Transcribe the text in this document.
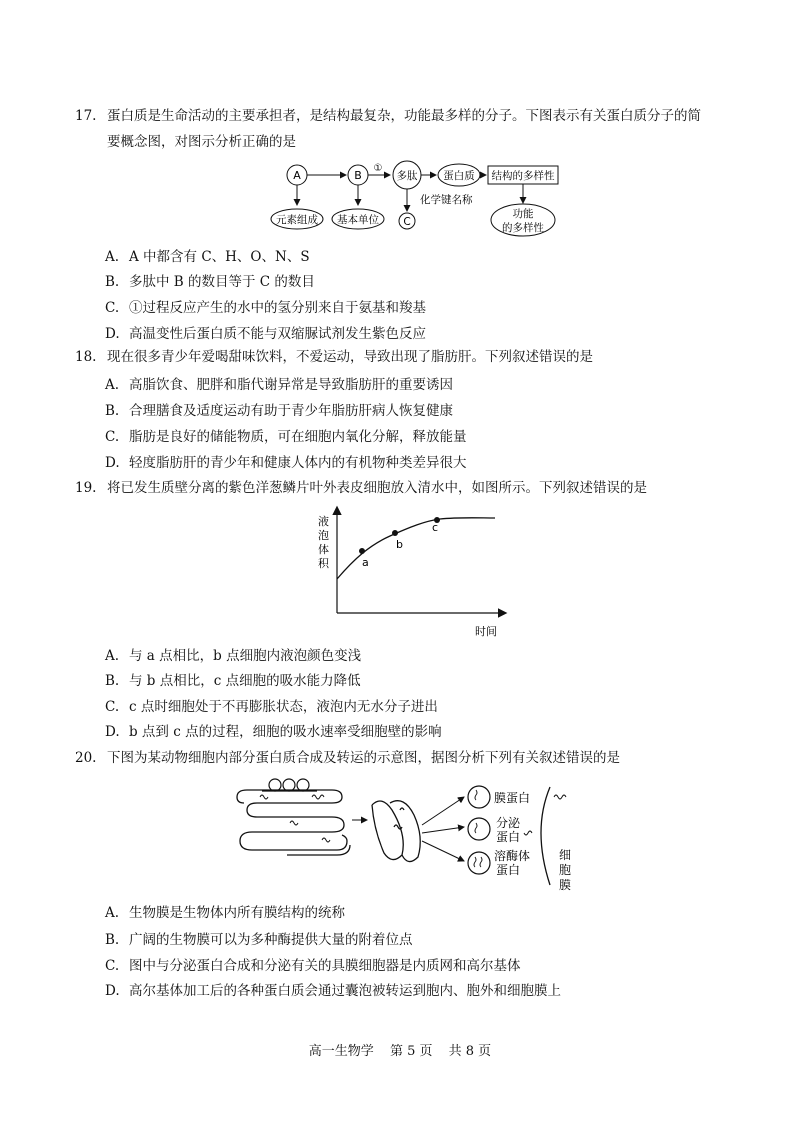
17. 蛋白质是生命活动的主要承担者，是结构最复杂，功能最多样的分子。下图表示有关蛋白质分子的简
要概念图，对图示分析正确的是
A	B
①
多肽 蛋白质 结构的多样性
元素组成 基本单位
化学键名称
C
功能
的多样性
A. A 中都含有 C、H、O、N、S
B. 多肽中 B 的数目等于 C 的数目
C. ①过程反应产生的水中的氢分别来自于氨基和羧基
D. 高温变性后蛋白质不能与双缩脲试剂发生紫色反应
18. 现在很多青少年爱喝甜味饮料，不爱运动，导致出现了脂肪肝。下列叙述错误的是
A. 高脂饮食、肥胖和脂代谢异常是导致脂肪肝的重要诱因
B. 合理膳食及适度运动有助于青少年脂肪肝病人恢复健康
C. 脂肪是良好的储能物质，可在细胞内氧化分解，释放能量
D. 轻度脂肪肝的青少年和健康人体内的有机物种类差异很大
19. 将已发生质壁分离的紫色洋葱鳞片叶外表皮细胞放入清水中，如图所示。下列叙述错误的是
液
泡
体
积	a
b
c
时间
A. 与 a 点相比，b 点细胞内液泡颜色变浅
B. 与 b 点相比，c 点细胞的吸水能力降低
C. c 点时细胞处于不再膨胀状态，液泡内无水分子进出
D. b 点到 c 点的过程，细胞的吸水速率受细胞壁的影响
20. 下图为某动物细胞内部分蛋白质合成及转运的示意图，据图分析下列有关叙述错误的是
膜蛋白
分泌
蛋白
溶酶体
蛋白
细
胞
膜
A. 生物膜是生物体内所有膜结构的统称
B. 广阔的生物膜可以为多种酶提供大量的附着位点
C. 图中与分泌蛋白合成和分泌有关的具膜细胞器是内质网和高尔基体
D. 高尔基体加工后的各种蛋白质会通过囊泡被转运到胞内、胞外和细胞膜上
高一生物学 第 5 页 共 8 页
